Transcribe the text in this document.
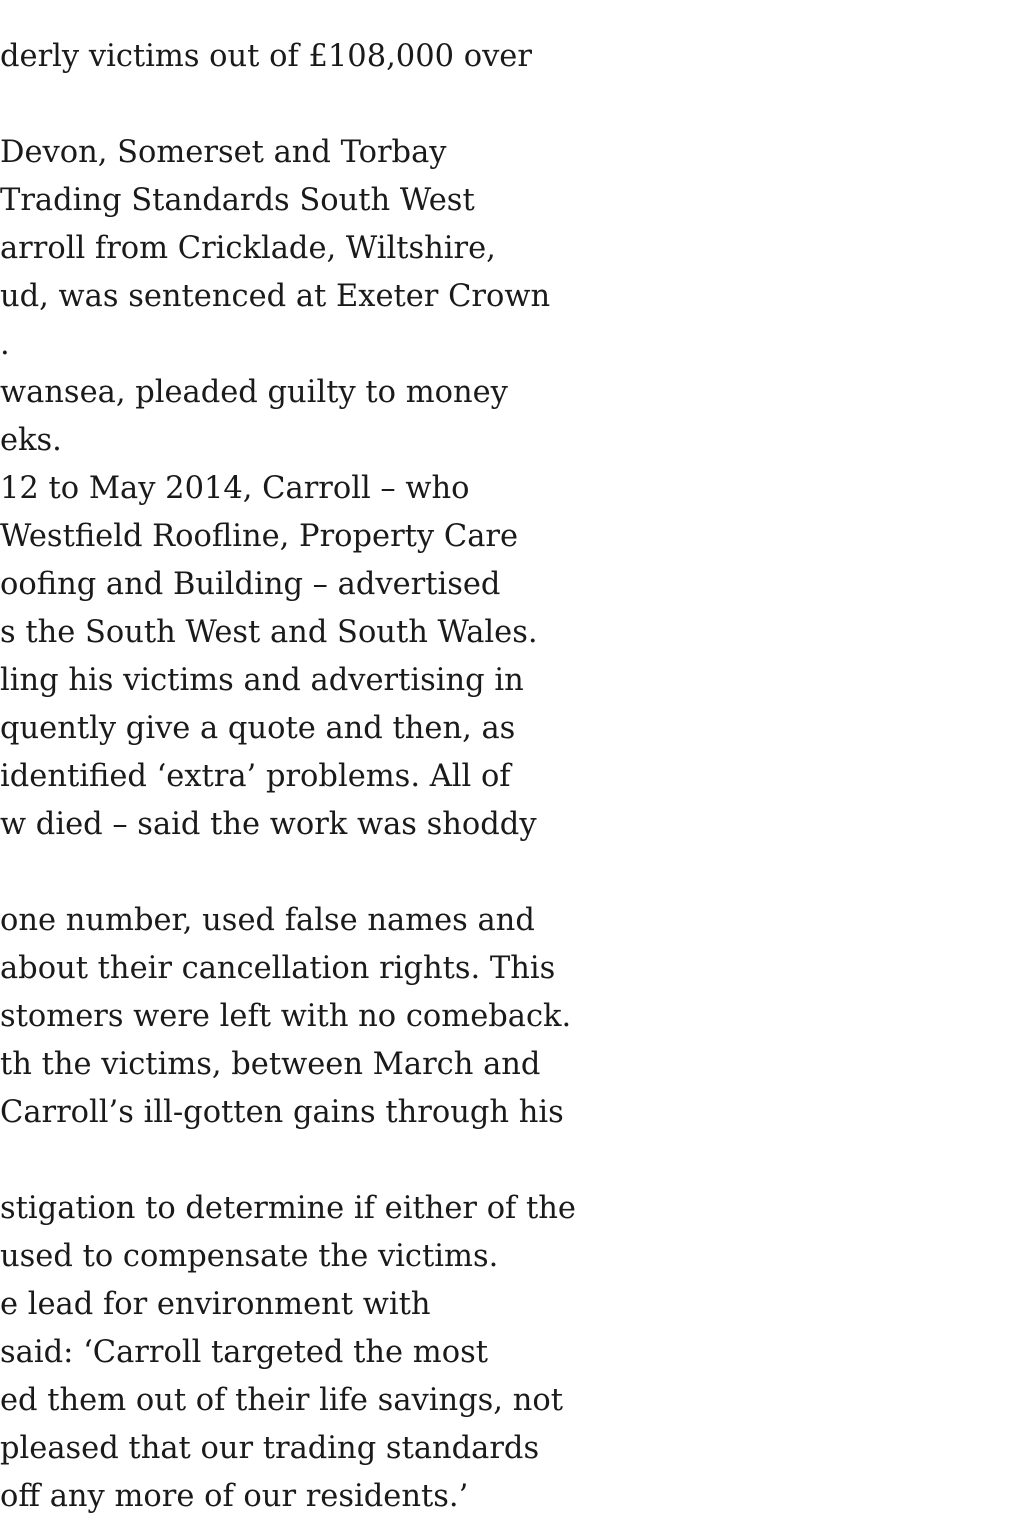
derly victims out of £108,000 over
Devon, Somerset and Torbay
Trading Standards South West
arroll from Cricklade, Wiltshire,
ud, was sentenced at Exeter Crown
.
wansea, pleaded guilty to money
eks.
12 to May 2014, Carroll – who
Westfield Roofline, Property Care
oofing and Building – advertised
s the South West and South Wales.
ling his victims and advertising in
quently give a quote and then, as
identified ‘extra’ problems. All of
w died – said the work was shoddy
one number, used false names and
about their cancellation rights. This
stomers were left with no comeback.
th the victims, between March and
Carroll’s ill-gotten gains through his
stigation to determine if either of the
used to compensate the victims.
e lead for environment with
said: ‘Carroll targeted the most
ed them out of their life savings, not
pleased that our trading standards
off any more of our residents.’
